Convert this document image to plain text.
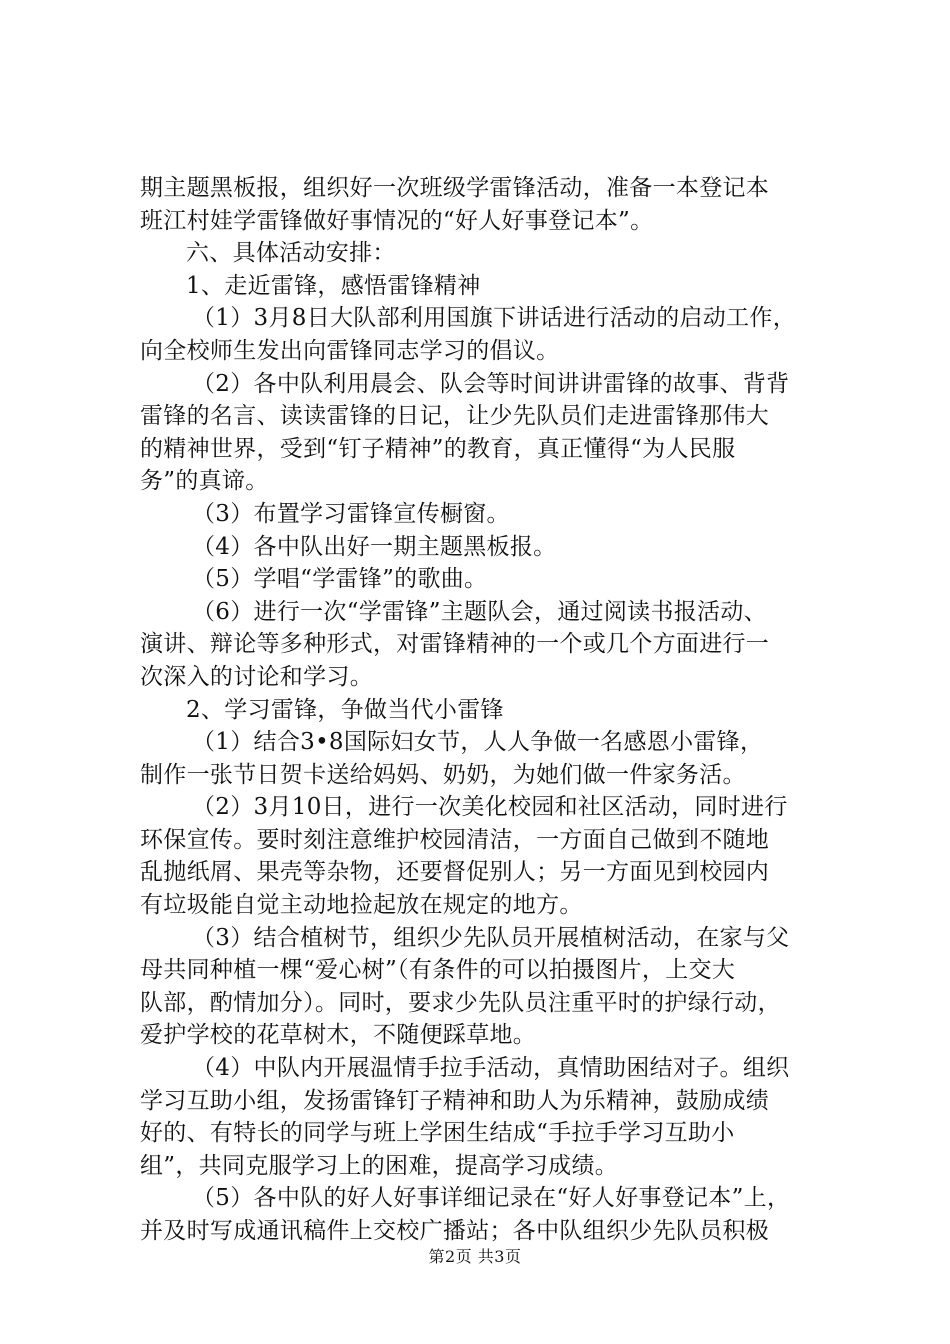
期主题黑板报，组织好一次班级学雷锋活动，准备一本登记本
班江村娃学雷锋做好事情况的“好人好事登记本”。
六、具体活动安排：
1、走近雷锋，感悟雷锋精神
（1）3月8日大队部利用国旗下讲话进行活动的启动工作，
向全校师生发出向雷锋同志学习的倡议。
（2）各中队利用晨会、队会等时间讲讲雷锋的故事、背背
雷锋的名言、读读雷锋的日记，让少先队员们走进雷锋那伟大
的精神世界，受到“钉子精神”的教育，真正懂得“为人民服
务”的真谛。
（3）布置学习雷锋宣传橱窗。
（4）各中队出好一期主题黑板报。
（5）学唱“学雷锋”的歌曲。
（6）进行一次“学雷锋”主题队会，通过阅读书报活动、
演讲、辩论等多种形式，对雷锋精神的一个或几个方面进行一
次深入的讨论和学习。
2、学习雷锋，争做当代小雷锋
（1）结合3•8国际妇女节，人人争做一名感恩小雷锋，
制作一张节日贺卡送给妈妈、奶奶，为她们做一件家务活。
（2）3月10日，进行一次美化校园和社区活动，同时进行
环保宣传。要时刻注意维护校园清洁，一方面自己做到不随地
乱抛纸屑、果壳等杂物，还要督促别人；另一方面见到校园内
有垃圾能自觉主动地捡起放在规定的地方。
（3）结合植树节，组织少先队员开展植树活动，在家与父
母共同种植一棵“爱心树”（有条件的可以拍摄图片，上交大
队部，酌情加分）。同时，要求少先队员注重平时的护绿行动，
爱护学校的花草树木，不随便踩草地。
（4）中队内开展温情手拉手活动，真情助困结对子。组织
学习互助小组，发扬雷锋钉子精神和助人为乐精神，鼓励成绩
好的、有特长的同学与班上学困生结成“手拉手学习互助小
组”，共同克服学习上的困难，提高学习成绩。
（5）各中队的好人好事详细记录在“好人好事登记本”上，
并及时写成通讯稿件上交校广播站；各中队组织少先队员积极
第2页 共3页
